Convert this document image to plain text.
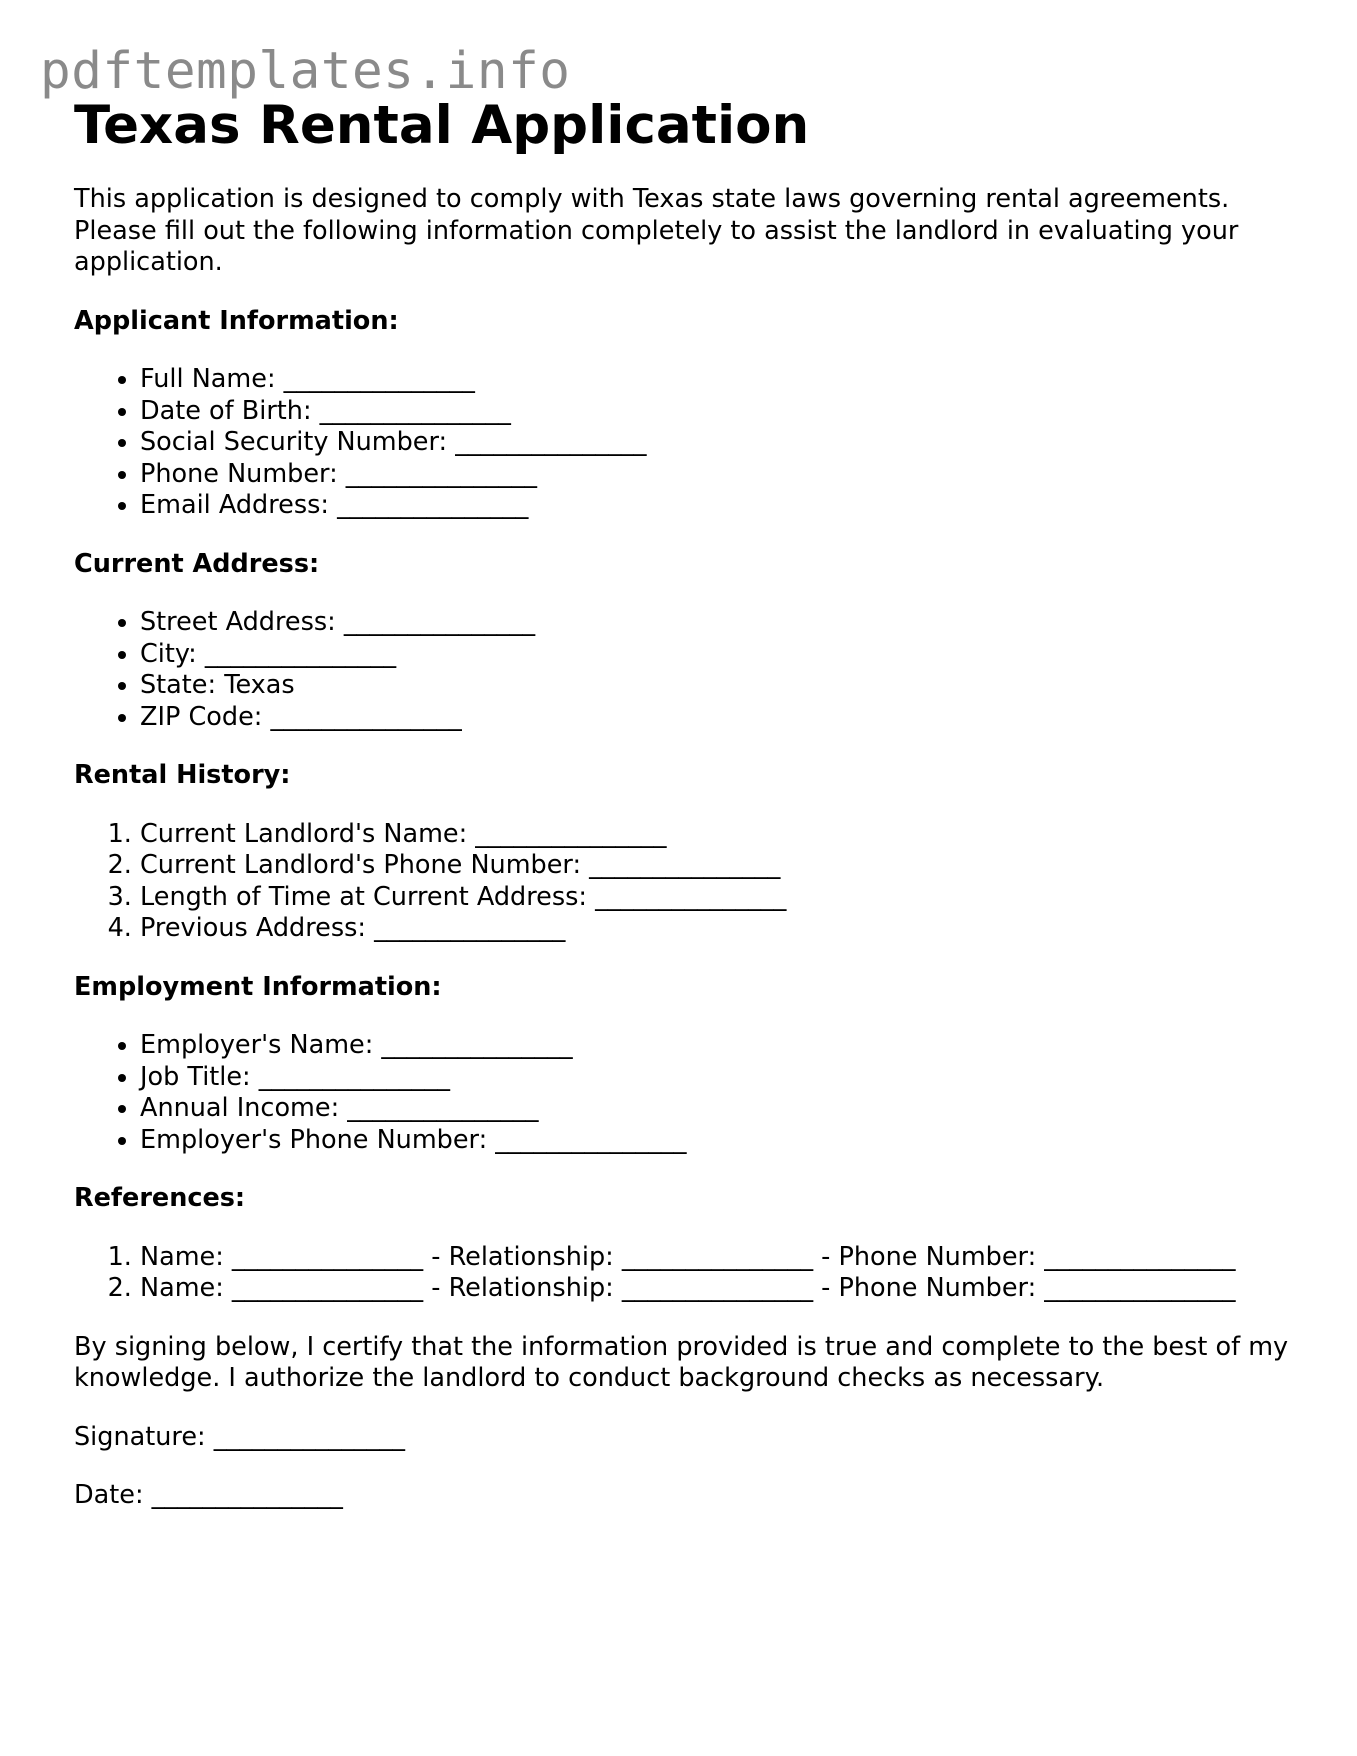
pdftemplates.info
Texas Rental Application

This application is designed to comply with Texas state laws governing rental agreements. Please fill out the following information completely to assist the landlord in evaluating your application.

Applicant Information:
• Full Name: _______________
• Date of Birth: _______________
• Social Security Number: _______________
• Phone Number: _______________
• Email Address: _______________
Current Address:
• Street Address: _______________
• City: _______________
• State: Texas
• ZIP Code: _______________
Rental History:
1. Current Landlord's Name: _______________
2. Current Landlord's Phone Number: _______________
3. Length of Time at Current Address: _______________
4. Previous Address: _______________
Employment Information:
• Employer's Name: _______________
• Job Title: _______________
• Annual Income: _______________
• Employer's Phone Number: _______________
References:
1. Name: _______________ - Relationship: _______________ - Phone Number: _______________
2. Name: _______________ - Relationship: _______________ - Phone Number: _______________

By signing below, I certify that the information provided is true and complete to the best of my knowledge. I authorize the landlord to conduct background checks as necessary.

Signature: _______________

Date: _______________
